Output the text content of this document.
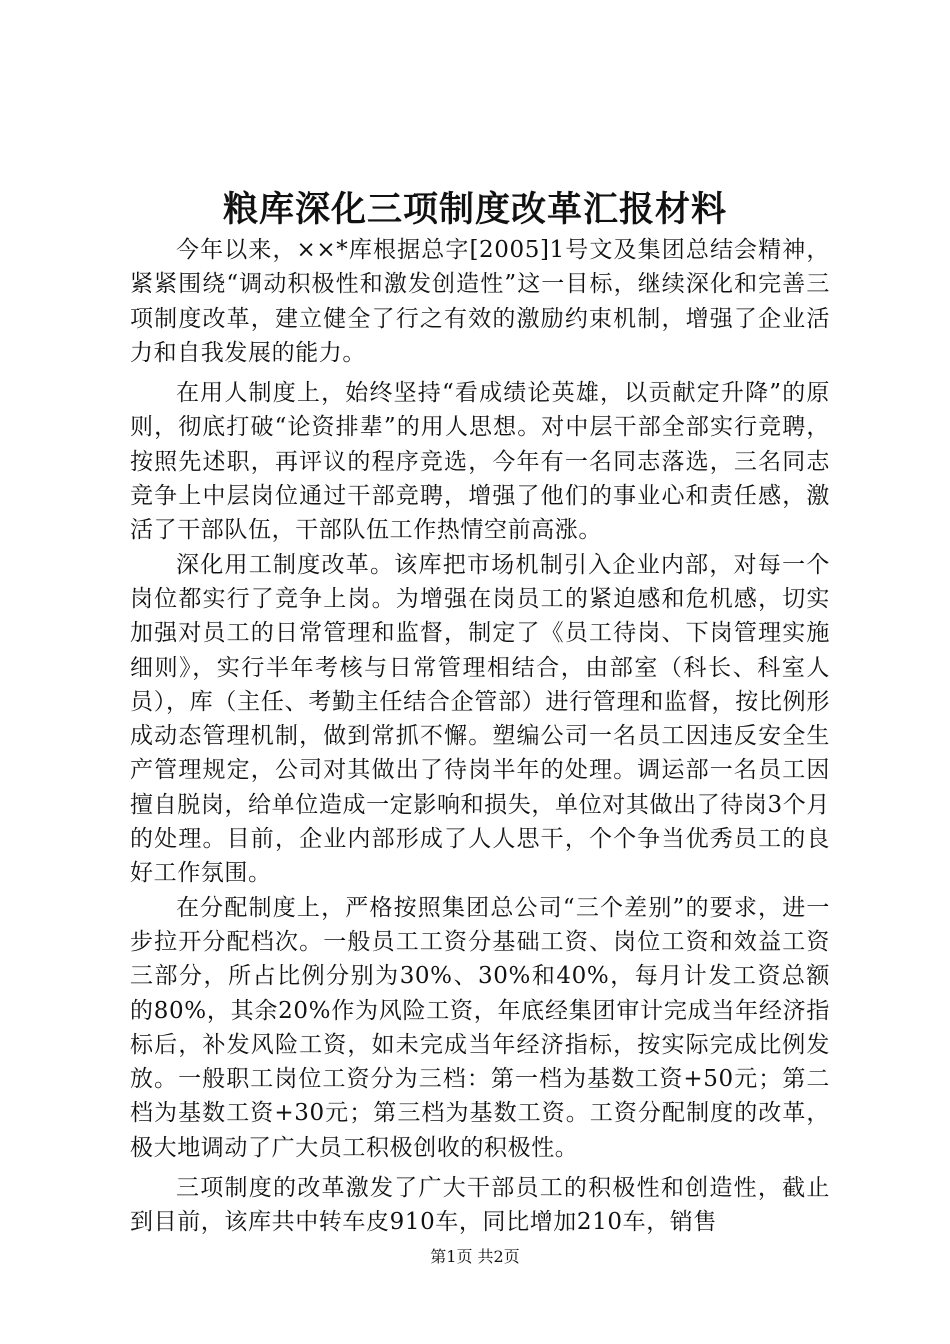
粮库深化三项制度改革汇报材料

今年以来，××*库根据总字[2005]1号文及集团总结会精神，紧紧围绕“调动积极性和激发创造性”这一目标，继续深化和完善三项制度改革，建立健全了行之有效的激励约束机制，增强了企业活力和自我发展的能力。

在用人制度上，始终坚持“看成绩论英雄，以贡献定升降”的原则，彻底打破“论资排辈”的用人思想。对中层干部全部实行竞聘，按照先述职，再评议的程序竞选，今年有一名同志落选，三名同志竞争上中层岗位通过干部竞聘，增强了他们的事业心和责任感，激活了干部队伍，干部队伍工作热情空前高涨。

深化用工制度改革。该库把市场机制引入企业内部，对每一个岗位都实行了竞争上岗。为增强在岗员工的紧迫感和危机感，切实加强对员工的日常管理和监督，制定了《员工待岗、下岗管理实施细则》，实行半年考核与日常管理相结合，由部室（科长、科室人员），库（主任、考勤主任结合企管部）进行管理和监督，按比例形成动态管理机制，做到常抓不懈。塑编公司一名员工因违反安全生产管理规定，公司对其做出了待岗半年的处理。调运部一名员工因擅自脱岗，给单位造成一定影响和损失，单位对其做出了待岗3个月的处理。目前，企业内部形成了人人思干，个个争当优秀员工的良好工作氛围。

在分配制度上，严格按照集团总公司“三个差别”的要求，进一步拉开分配档次。一般员工工资分基础工资、岗位工资和效益工资三部分，所占比例分别为30%、30%和40%，每月计发工资总额的80%，其余20%作为风险工资，年底经集团审计完成当年经济指标后，补发风险工资，如未完成当年经济指标，按实际完成比例发放。一般职工岗位工资分为三档：第一档为基数工资+50元；第二档为基数工资+30元；第三档为基数工资。工资分配制度的改革，极大地调动了广大员工积极创收的积极性。

三项制度的改革激发了广大干部员工的积极性和创造性，截止到目前，该库共中转车皮910车，同比增加210车，销售

第1页 共2页
